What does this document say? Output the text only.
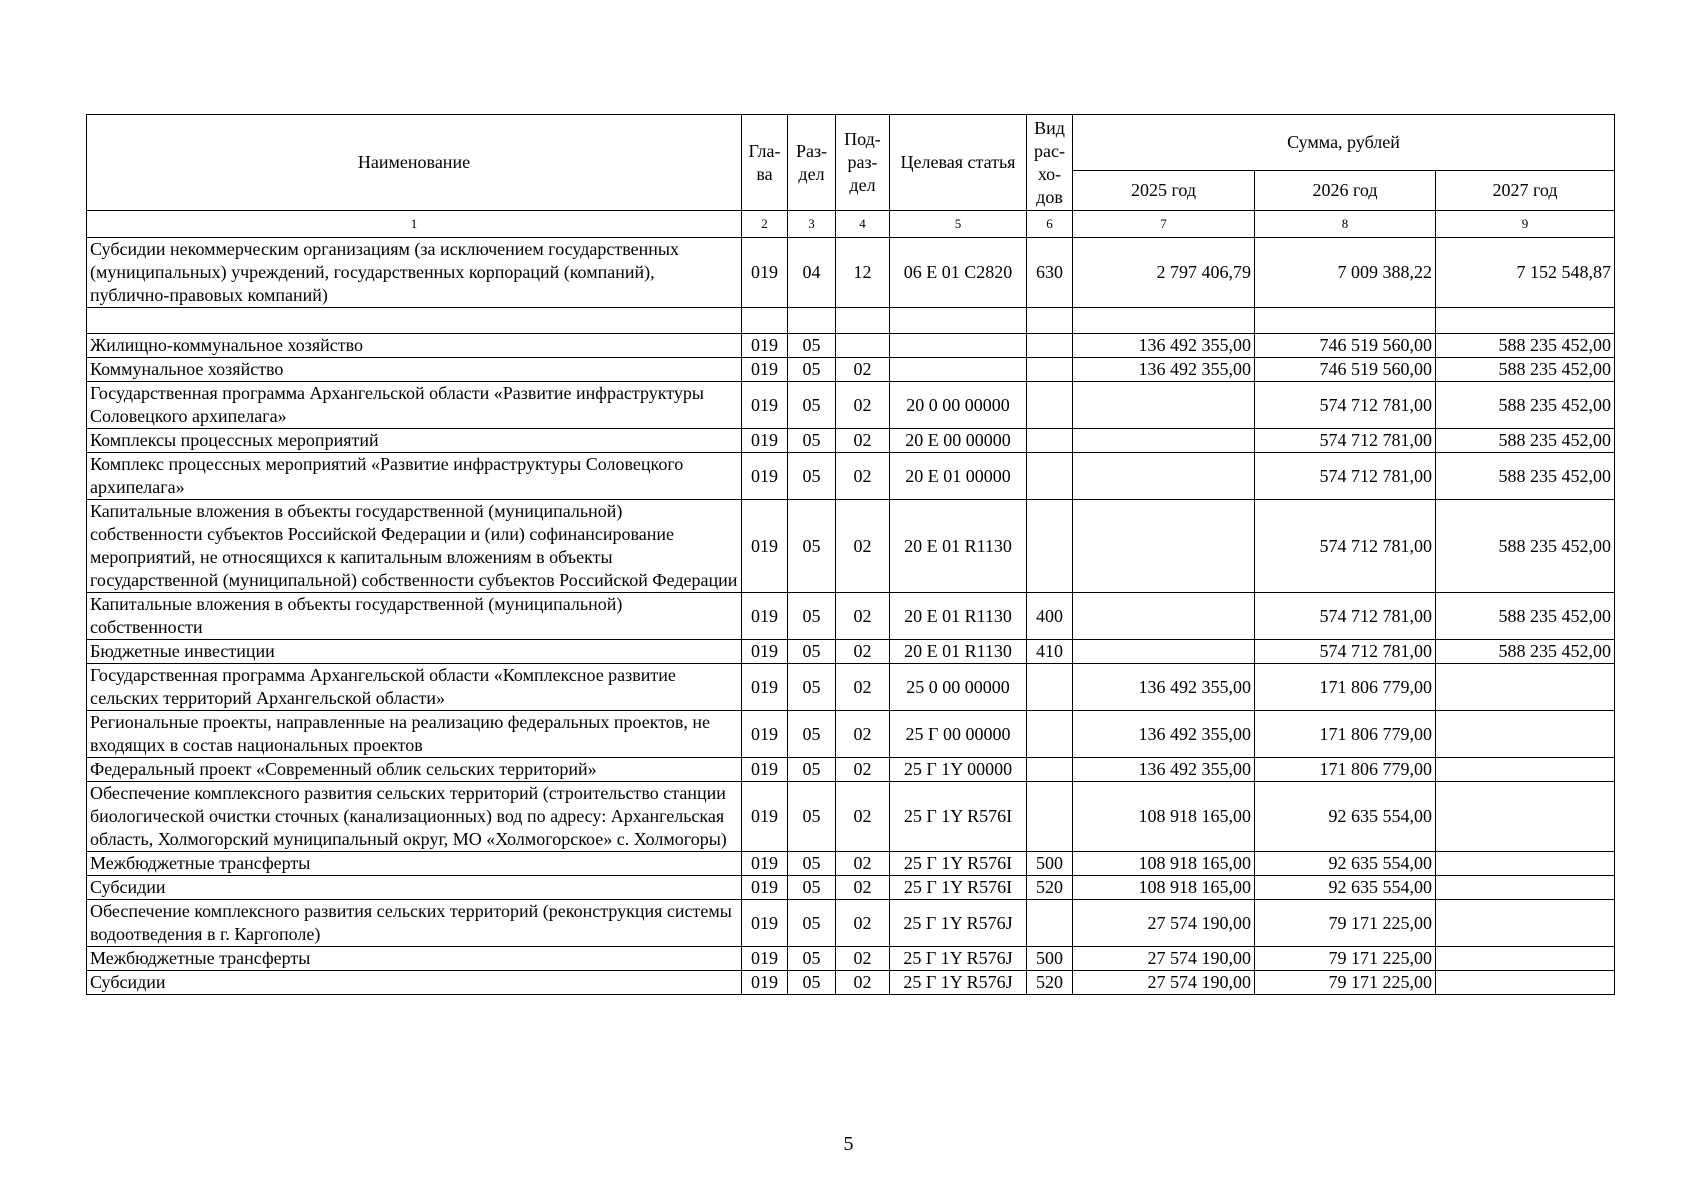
Наименование	Гла-ва	Раз-дел	Под-раз-дел	Целевая статья	Вид рас-хо-дов	Сумма, рублей		
						2025 год	2026 год	2027 год
1	2	3	4	5	6	7	8	9
Субсидии некоммерческим организациям (за исключением государственных (муниципальных) учреждений, государственных корпораций (компаний), публично-правовых компаний)	019	04	12	06 Е 01 С2820	630	2 797 406,79	7 009 388,22	7 152 548,87

Жилищно-коммунальное хозяйство	019	05				136 492 355,00	746 519 560,00	588 235 452,00
Коммунальное хозяйство	019	05	02			136 492 355,00	746 519 560,00	588 235 452,00
Государственная программа Архангельской области «Развитие инфраструктуры Соловецкого архипелага»	019	05	02	20 0 00 00000			574 712 781,00	588 235 452,00
Комплексы процессных мероприятий	019	05	02	20 Е 00 00000			574 712 781,00	588 235 452,00
Комплекс процессных мероприятий «Развитие инфраструктуры Соловецкого архипелага»	019	05	02	20 Е 01 00000			574 712 781,00	588 235 452,00
Капитальные вложения в объекты государственной (муниципальной) собственности субъектов Российской Федерации и (или) софинансирование мероприятий, не относящихся к капитальным вложениям в объекты государственной (муниципальной) собственности субъектов Российской Федерации	019	05	02	20 Е 01 R1130			574 712 781,00	588 235 452,00
Капитальные вложения в объекты государственной (муниципальной) собственности	019	05	02	20 Е 01 R1130	400		574 712 781,00	588 235 452,00
Бюджетные инвестиции	019	05	02	20 Е 01 R1130	410		574 712 781,00	588 235 452,00
Государственная программа Архангельской области «Комплексное развитие сельских территорий Архангельской области»	019	05	02	25 0 00 00000		136 492 355,00	171 806 779,00	
Региональные проекты, направленные на реализацию федеральных проектов, не входящих в состав национальных проектов	019	05	02	25 Г 00 00000		136 492 355,00	171 806 779,00	
Федеральный проект «Современный облик сельских территорий»	019	05	02	25 Г 1Y 00000		136 492 355,00	171 806 779,00	
Обеспечение комплексного развития сельских территорий (строительство станции биологической очистки сточных (канализационных) вод по адресу: Архангельская область, Холмогорский муниципальный округ, МО «Холмогорское» с. Холмогоры)	019	05	02	25 Г 1Y R576I		108 918 165,00	92 635 554,00	
Межбюджетные трансферты	019	05	02	25 Г 1Y R576I	500	108 918 165,00	92 635 554,00	
Субсидии	019	05	02	25 Г 1Y R576I	520	108 918 165,00	92 635 554,00	
Обеспечение комплексного развития сельских территорий (реконструкция системы водоотведения в г. Каргополе)	019	05	02	25 Г 1Y R576J		27 574 190,00	79 171 225,00	
Межбюджетные трансферты	019	05	02	25 Г 1Y R576J	500	27 574 190,00	79 171 225,00	
Субсидии	019	05	02	25 Г 1Y R576J	520	27 574 190,00	79 171 225,00	
5
